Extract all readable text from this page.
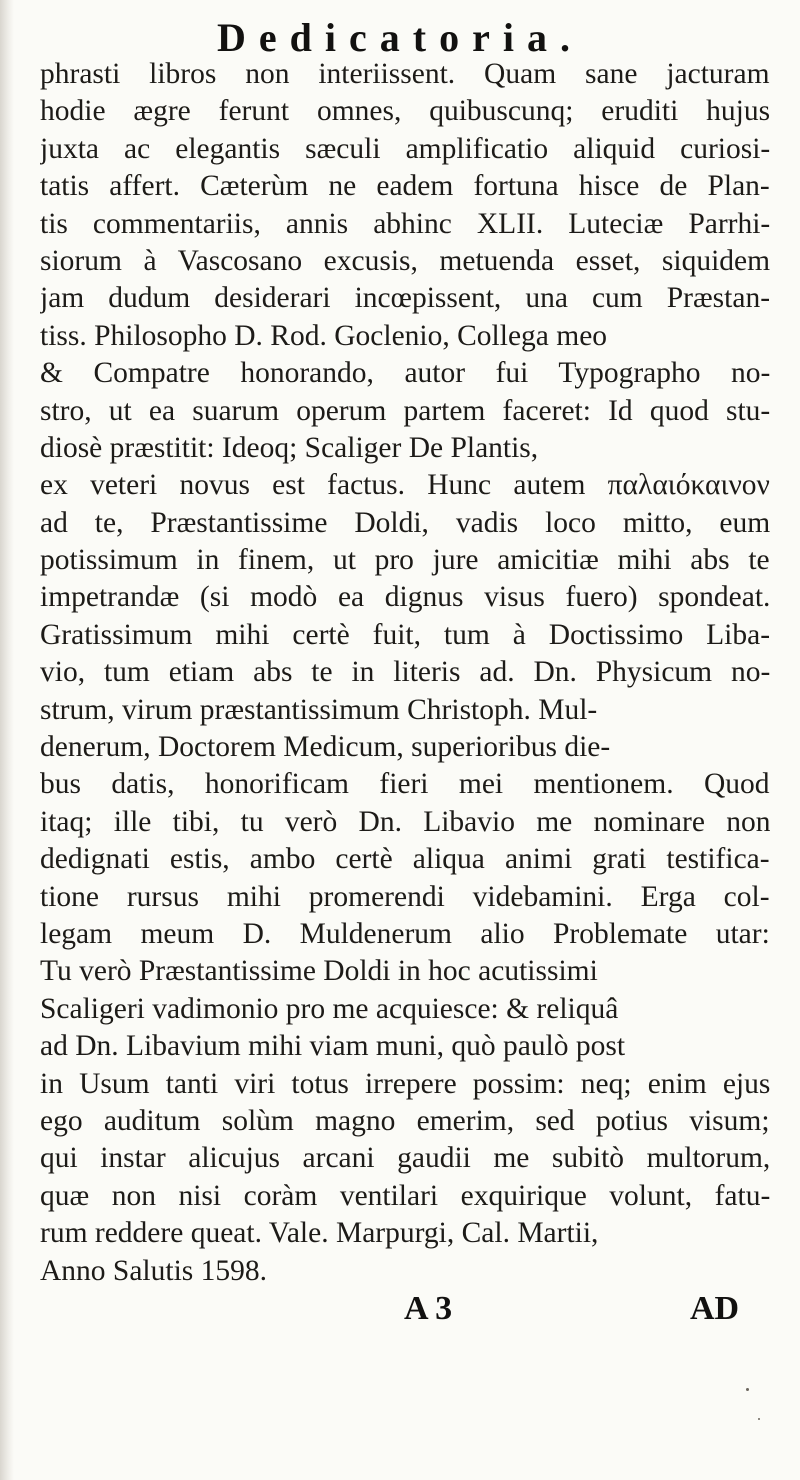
Dedicatoria.
phrasti libros non interiissent. Quam sane jacturam
hodie ægre ferunt omnes, quibuscunq; eruditi hujus
juxta ac elegantis sæculi amplificatio aliquid curiosi-
tatis affert. Cæterùm ne eadem fortuna hisce de Plan-
tis commentariis, annis abhinc XLII. Luteciæ Parrhi-
siorum à Vascosano excusis, metuenda esset, siquidem
jam dudum desiderari incœpissent, una cum Præstan-
tiss. Philosopho D. Rod. Goclenio, Collega meo
& Compatre honorando, autor fui Typographo no-
stro, ut ea suarum operum partem faceret: Id quod stu-
diosè præstitit: Ideoq; Scaliger De Plantis,
ex veteri novus est factus. Hunc autem παλαιόκαινον
ad te, Præstantissime Doldi, vadis loco mitto, eum
potissimum in finem, ut pro jure amicitiæ mihi abs te
impetrandæ (si modò ea dignus visus fuero) spondeat.
Gratissimum mihi certè fuit, tum à Doctissimo Liba-
vio, tum etiam abs te in literis ad. Dn. Physicum no-
strum, virum præstantissimum Christoph. Mul-
denerum, Doctorem Medicum, superioribus die-
bus datis, honorificam fieri mei mentionem. Quod
itaq; ille tibi, tu verò Dn. Libavio me nominare non
dedignati estis, ambo certè aliqua animi grati testifica-
tione rursus mihi promerendi videbamini. Erga col-
legam meum D. Muldenerum alio Problemate utar:
Tu verò Præstantissime Doldi in hoc acutissimi
Scaligeri vadimonio pro me acquiesce: & reliquâ
ad Dn. Libavium mihi viam muni, quò paulò post
in Usum tanti viri totus irrepere possim: neq; enim ejus
ego auditum solùm magno emerim, sed potius visum;
qui instar alicujus arcani gaudii me subitò multorum,
quæ non nisi coràm ventilari exquirique volunt, fatu-
rum reddere queat. Vale. Marpurgi, Cal. Martii,
Anno Salutis 1598.
A 3	AD
